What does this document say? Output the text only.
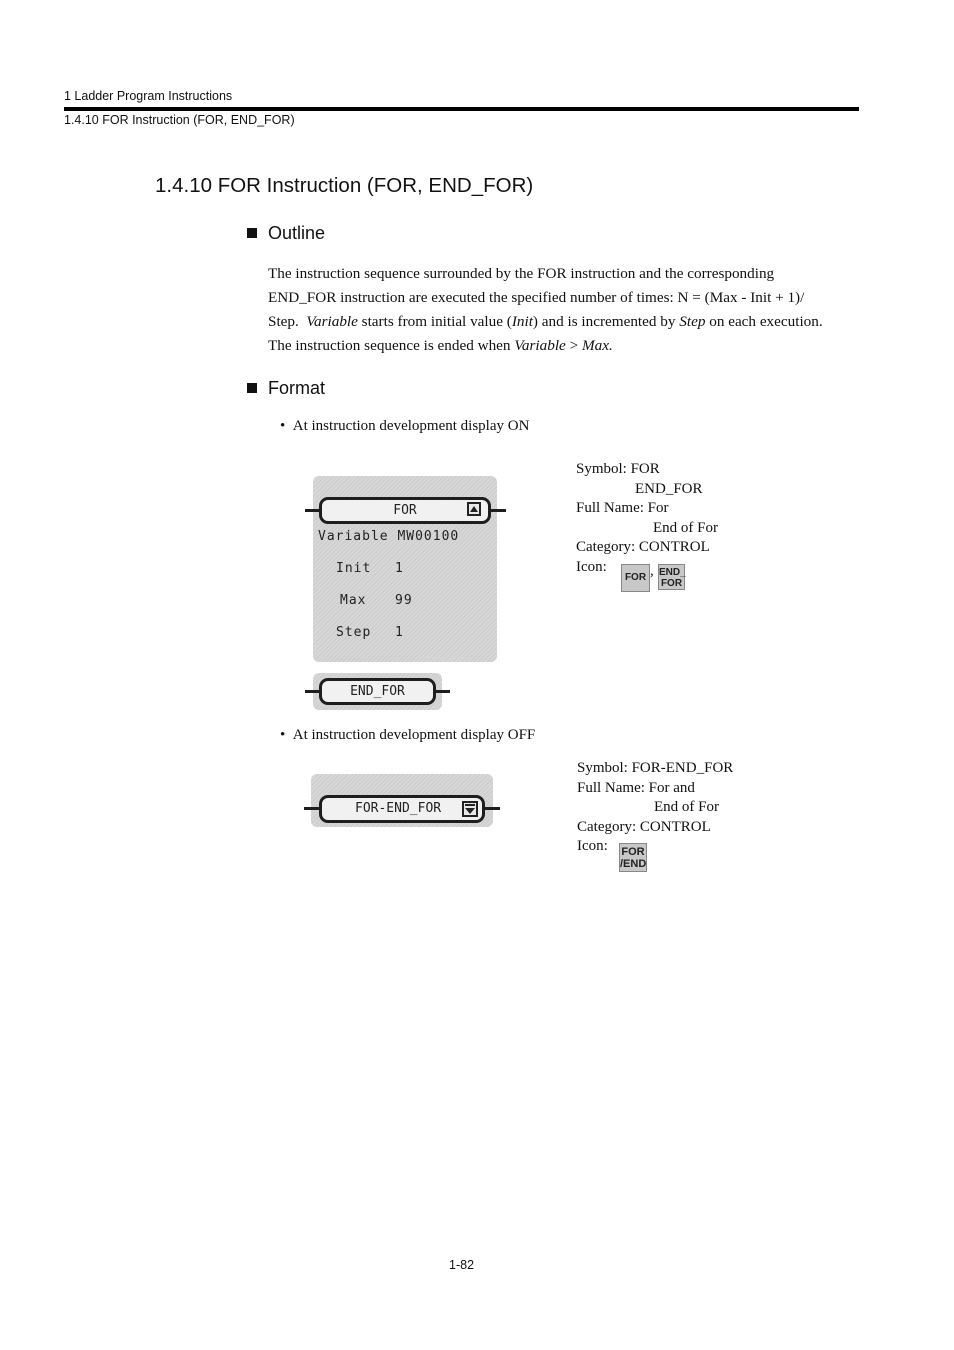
1 Ladder Program Instructions
1.4.10 FOR Instruction (FOR, END_FOR)
1.4.10 FOR Instruction (FOR, END_FOR)
Outline
The instruction sequence surrounded by the FOR instruction and the corresponding
END_FOR instruction are executed the specified number of times: N = (Max - Init + 1)/
Step.  Variable starts from initial value (Init) and is incremented by Step on each execution.
The instruction sequence is ended when Variable > Max.
Format
• At instruction development display ON
FOR
Variable MW00100
Init 1
Max 99
Step 1
END_FOR
Symbol: FOR
END_FOR
Full Name: For
End of For
Category: CONTROL
Icon:
FOR , END_
FOR
• At instruction development display OFF
FOR-END_FOR
Symbol: FOR-END_FOR
Full Name: For and
End of For
Category: CONTROL
Icon:	FOR
/END
1-82
